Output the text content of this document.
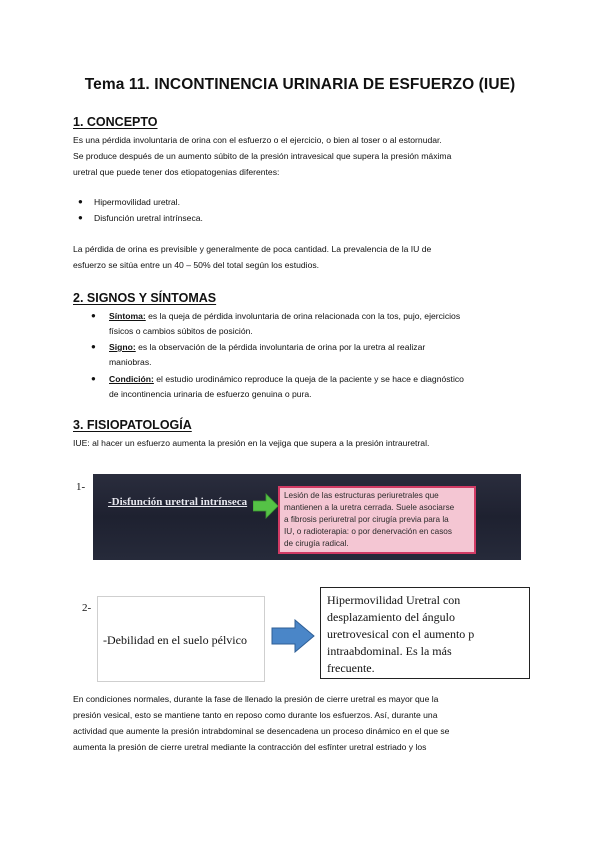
Tema 11. INCONTINENCIA URINARIA DE ESFUERZO (IUE)
1. CONCEPTO
Es una pérdida involuntaria de orina con el esfuerzo o el ejercicio, o bien al toser o al estornudar.
Se produce después de un aumento súbito de la presión intravesical que supera la presión máxima
uretral que puede tener dos etiopatogenias diferentes:
● Hipermovilidad uretral.
● Disfunción uretral intrínseca.
La pérdida de orina es previsible y generalmente de poca cantidad. La prevalencia de la IU de
esfuerzo se sitúa entre un 40 – 50% del total según los estudios.
2. SIGNOS Y SÍNTOMAS
● Síntoma: es la queja de pérdida involuntaria de orina relacionada con la tos, pujo, ejercicios
físicos o cambios súbitos de posición.
● Signo: es la observación de la pérdida involuntaria de orina por la uretra al realizar
maniobras.
● Condición: el estudio urodinámico reproduce la queja de la paciente y se hace e diagnóstico
de incontinencia urinaria de esfuerzo genuina o pura.
3. FISIOPATOLOGÍA
IUE: al hacer un esfuerzo aumenta la presión en la vejiga que supera a la presión intrauretral.
1-
-Disfunción uretral intrínseca
Lesión de las estructuras periuretrales que
mantienen a la uretra cerrada. Suele asociarse
a fibrosis periuretral por cirugía previa para la
IU, o radioterapia: o por denervación en casos
de cirugía radical.
2-
-Debilidad en el suelo pélvico
Hipermovilidad Uretral con
desplazamiento del ángulo
uretrovesical con el aumento p
intraabdominal. Es la más
frecuente.
En condiciones normales, durante la fase de llenado la presión de cierre uretral es mayor que la
presión vesical, esto se mantiene tanto en reposo como durante los esfuerzos. Así, durante una
actividad que aumente la presión intrabdominal se desencadena un proceso dinámico en el que se
aumenta la presión de cierre uretral mediante la contracción del esfínter uretral estriado y los
